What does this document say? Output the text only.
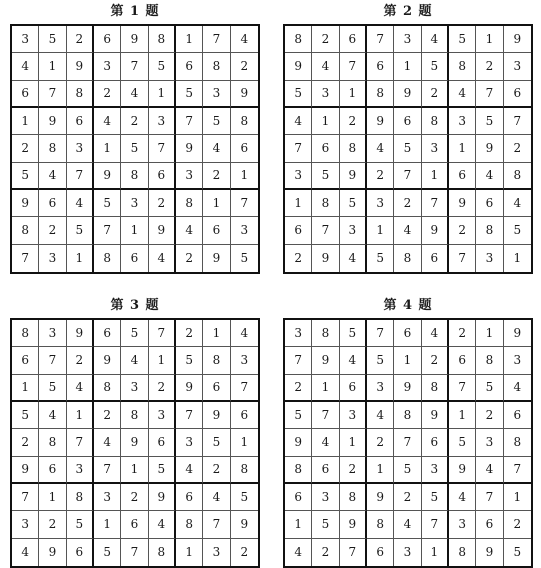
第 1 题
3	5	2	6	9	8	1	7	4
4	1	9	3	7	5	6	8	2
6	7	8	2	4	1	5	3	9
1	9	6	4	2	3	7	5	8
2	8	3	1	5	7	9	4	6
5	4	7	9	8	6	3	2	1
9	6	4	5	3	2	8	1	7
8	2	5	7	1	9	4	6	3
7	3	1	8	6	4	2	9	5
第 2 题
8	2	6	7	3	4	5	1	9
9	4	7	6	1	5	8	2	3
5	3	1	8	9	2	4	7	6
4	1	2	9	6	8	3	5	7
7	6	8	4	5	3	1	9	2
3	5	9	2	7	1	6	4	8
1	8	5	3	2	7	9	6	4
6	7	3	1	4	9	2	8	5
2	9	4	5	8	6	7	3	1
第 3 题
8	3	9	6	5	7	2	1	4
6	7	2	9	4	1	5	8	3
1	5	4	8	3	2	9	6	7
5	4	1	2	8	3	7	9	6
2	8	7	4	9	6	3	5	1
9	6	3	7	1	5	4	2	8
7	1	8	3	2	9	6	4	5
3	2	5	1	6	4	8	7	9
4	9	6	5	7	8	1	3	2
第 4 题
3	8	5	7	6	4	2	1	9
7	9	4	5	1	2	6	8	3
2	1	6	3	9	8	7	5	4
5	7	3	4	8	9	1	2	6
9	4	1	2	7	6	5	3	8
8	6	2	1	5	3	9	4	7
6	3	8	9	2	5	4	7	1
1	5	9	8	4	7	3	6	2
4	2	7	6	3	1	8	9	5
